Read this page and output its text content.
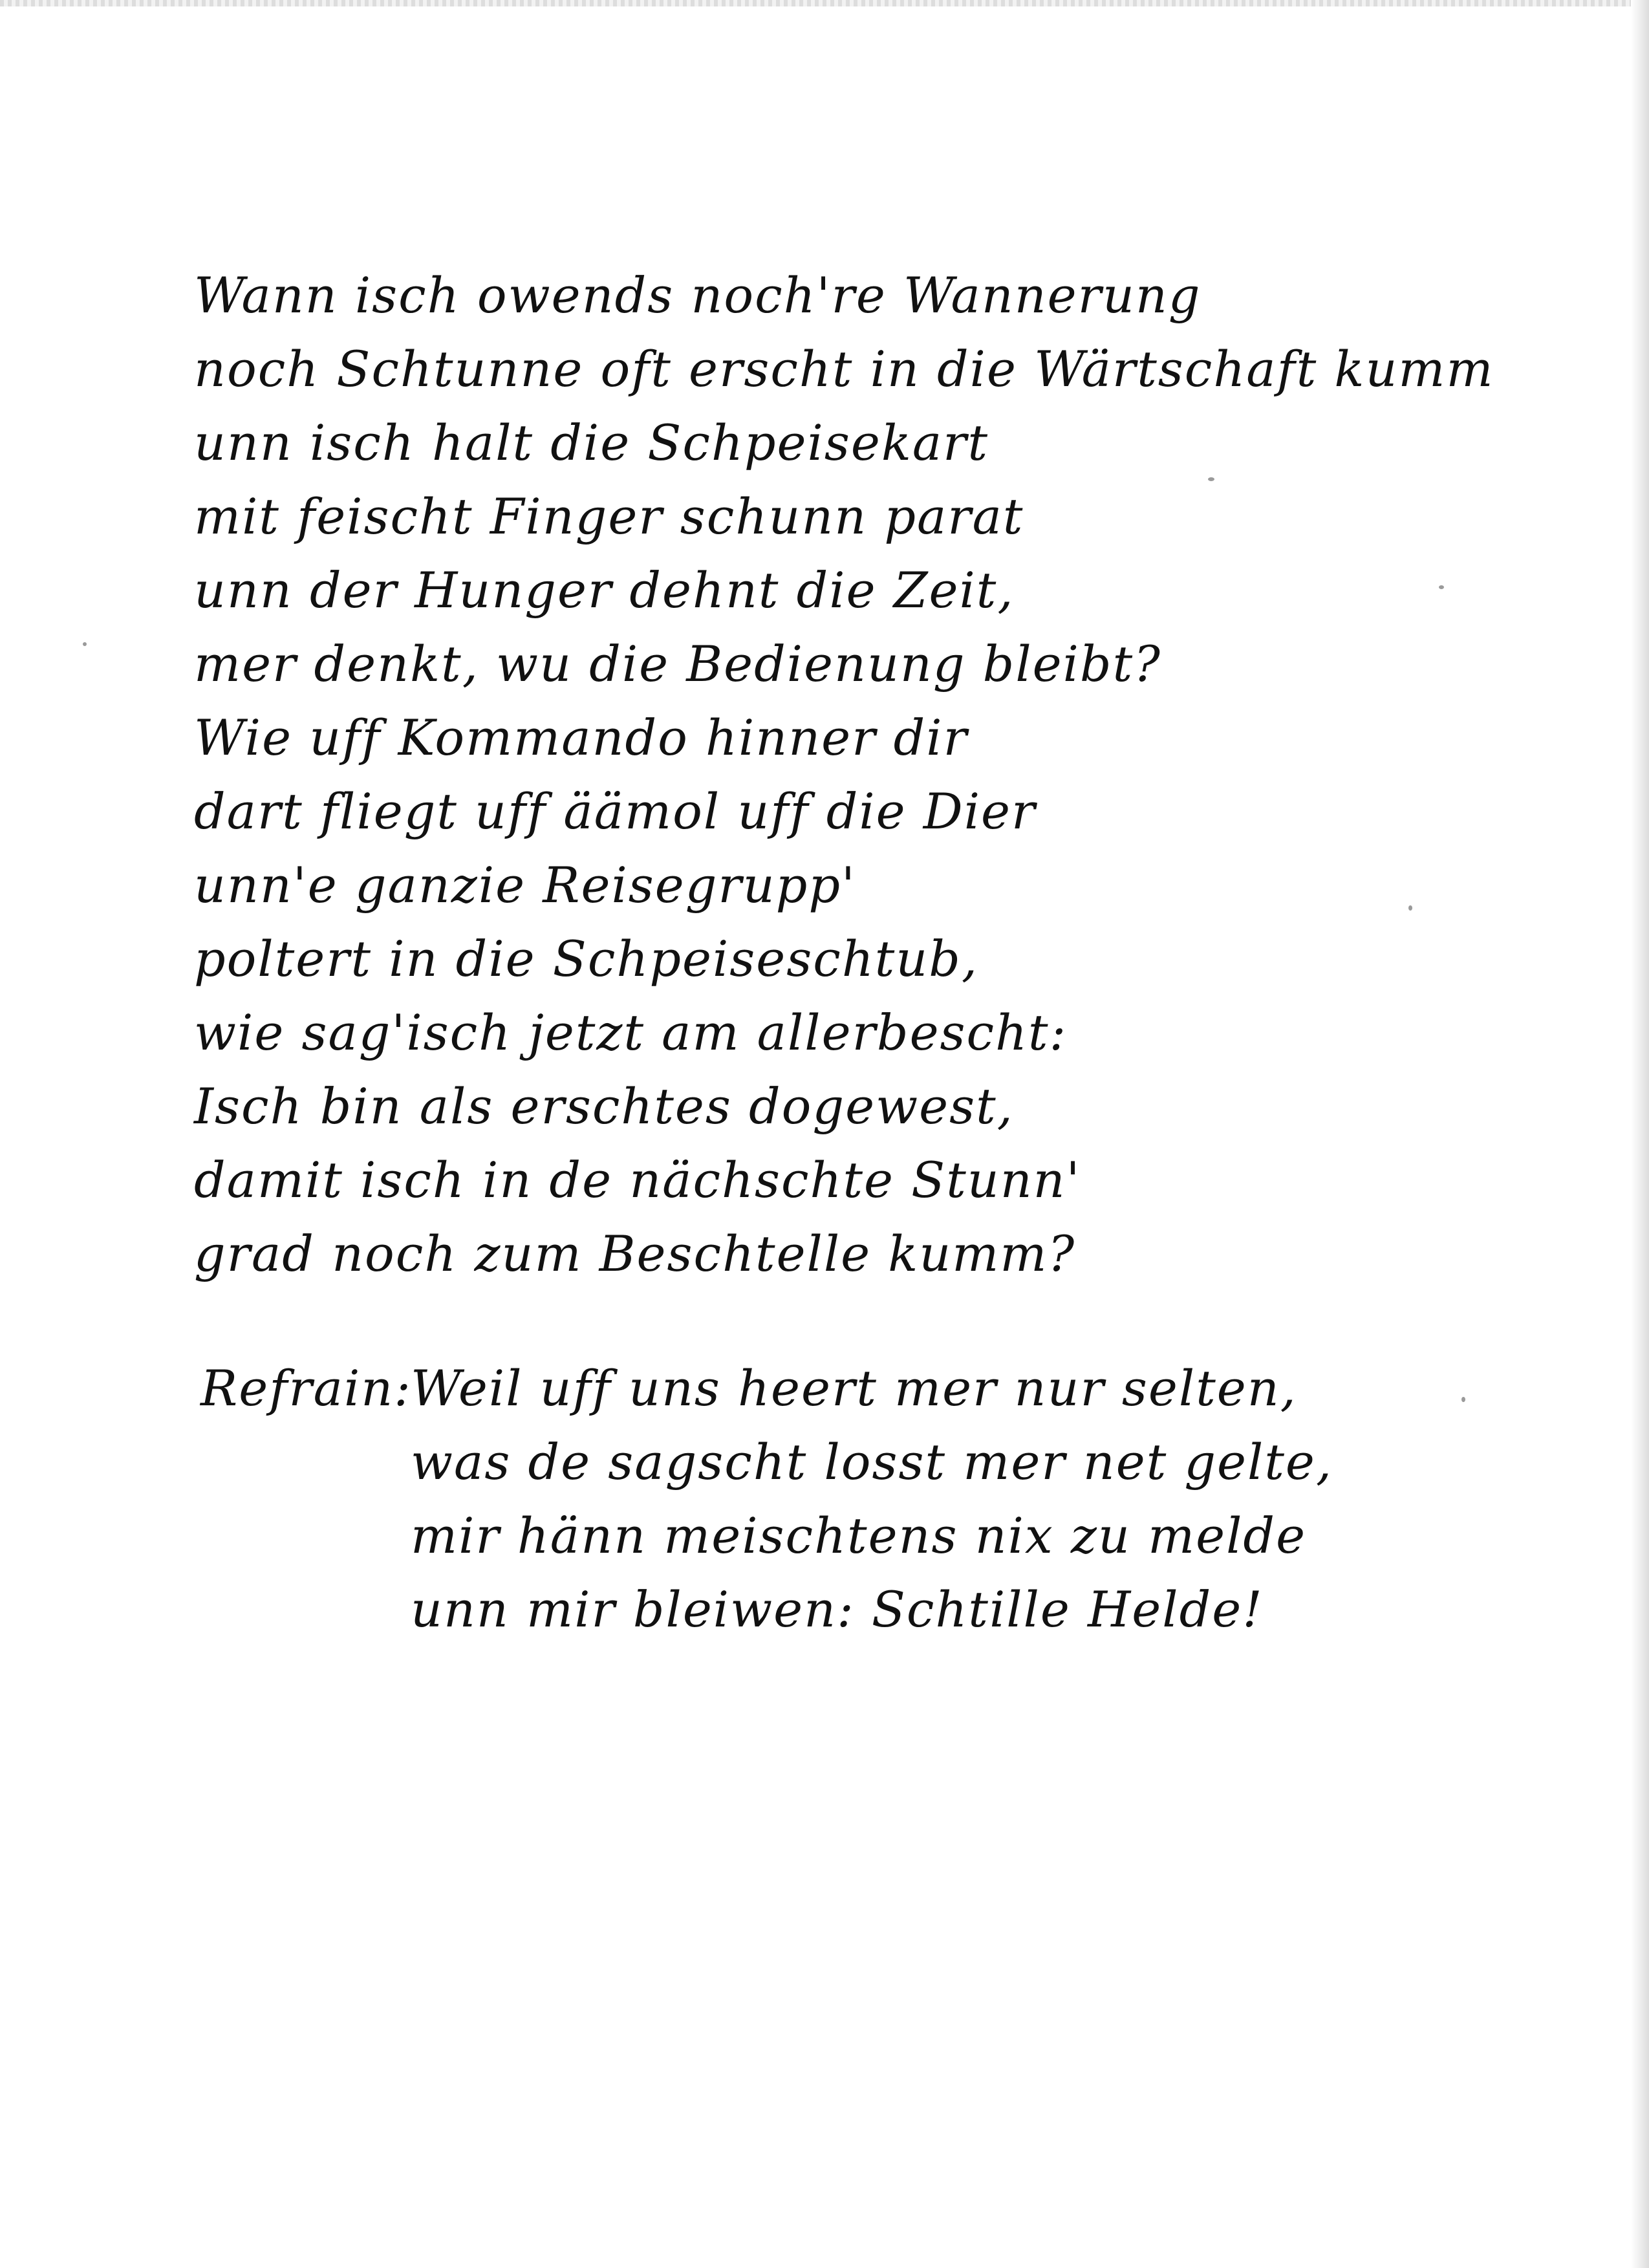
Wann isch owends noch're Wannerung
noch Schtunne oft erscht in die Wärtschaft kumm
unn isch halt die Schpeisekart
mit feischt Finger schunn parat
unn der Hunger dehnt die Zeit,
mer denkt, wu die Bedienung bleibt?
Wie uff Kommando hinner dir
dart fliegt uff äämol uff die Dier
unn'e ganzie Reisegrupp'
poltert in die Schpeiseschtub,
wie sag'isch jetzt am allerbescht:
Isch bin als erschtes dogewest,
damit isch in de nächschte Stunn'
grad noch zum Beschtelle kumm?
Refrain:
Weil uff uns heert mer nur selten,
was de sagscht losst mer net gelte,
mir hänn meischtens nix zu melde
unn mir bleiwen: Schtille Helde!
